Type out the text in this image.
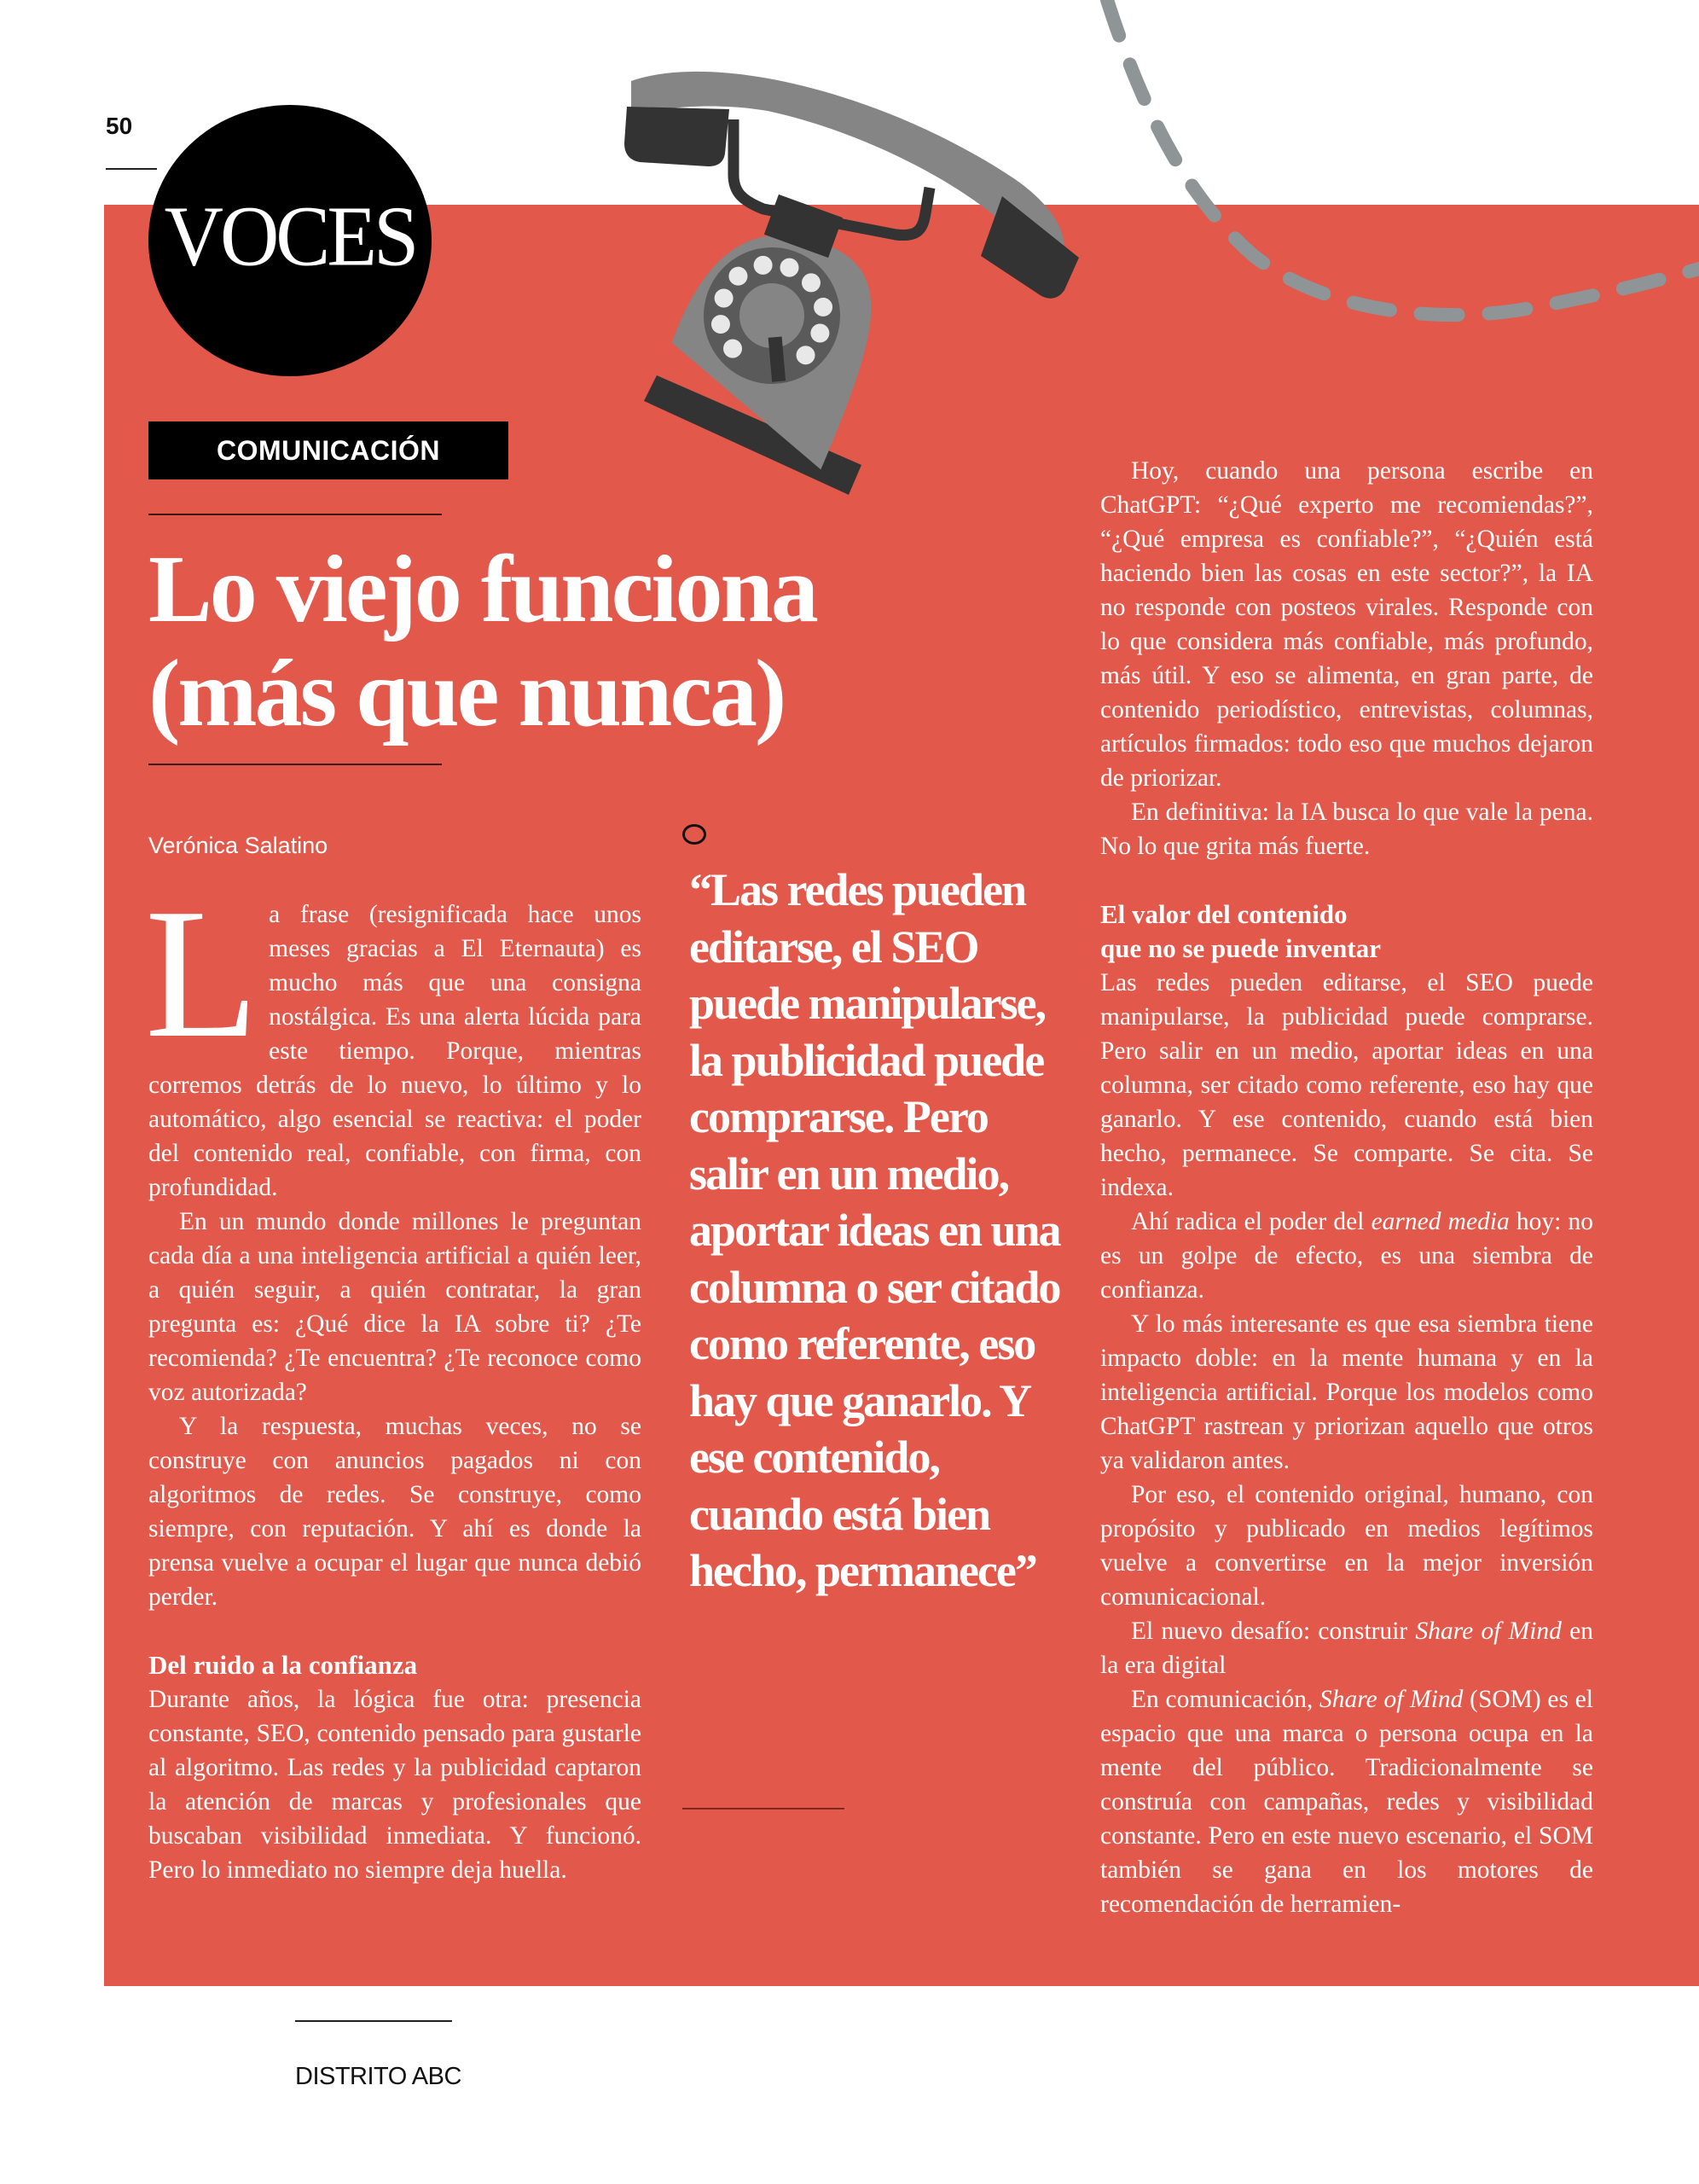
50
VOCES
COMUNICACIÓN
Lo viejo funciona
(más que nunca)
Verónica Salatino

La frase (resignificada hace unos meses gracias a El Eternauta) es mucho más que una consigna nostálgica. Es una alerta lúcida para este tiempo. Porque, mientras corremos detrás de lo nuevo, lo último y lo automático, algo esencial se reactiva: el poder del contenido real, confiable, con firma, con profundidad.

En un mundo donde millones le preguntan cada día a una inteligencia artificial a quién leer, a quién seguir, a quién contratar, la gran pregunta es: ¿Qué dice la IA sobre ti? ¿Te recomienda? ¿Te encuentra? ¿Te reconoce como voz autorizada?

Y la respuesta, muchas veces, no se construye con anuncios pagados ni con algoritmos de redes. Se construye, como siempre, con reputación. Y ahí es donde la prensa vuelve a ocupar el lugar que nunca debió perder.

Del ruido a la confianza

Durante años, la lógica fue otra: presencia constante, SEO, contenido pensado para gustarle al algoritmo. Las redes y la publicidad captaron la atención de marcas y profesionales que buscaban visibilidad inmediata. Y funcionó. Pero lo inmediato no siempre deja huella.

“Las redes pueden editarse, el SEO puede manipularse, la publicidad puede comprarse. Pero salir en un medio, aportar ideas en una columna o ser citado como referente, eso hay que ganarlo. Y ese contenido, cuando está bien hecho, permanece”

Hoy, cuando una persona escribe en ChatGPT: “¿Qué experto me recomiendas?”, “¿Qué empresa es confiable?”, “¿Quién está haciendo bien las cosas en este sector?”, la IA no responde con posteos virales. Responde con lo que considera más confiable, más profundo, más útil. Y eso se alimenta, en gran parte, de contenido periodístico, entrevistas, columnas, artículos firmados: todo eso que muchos dejaron de priorizar.

En definitiva: la IA busca lo que vale la pena. No lo que grita más fuerte.

El valor del contenido
que no se puede inventar

Las redes pueden editarse, el SEO puede manipularse, la publicidad puede comprarse. Pero salir en un medio, aportar ideas en una columna, ser citado como referente, eso hay que ganarlo. Y ese contenido, cuando está bien hecho, permanece. Se comparte. Se cita. Se indexa.

Ahí radica el poder del earned media hoy: no es un golpe de efecto, es una siembra de confianza.

Y lo más interesante es que esa siembra tiene impacto doble: en la mente humana y en la inteligencia artificial. Porque los modelos como ChatGPT rastrean y priorizan aquello que otros ya validaron antes.

Por eso, el contenido original, humano, con propósito y publicado en medios legítimos vuelve a convertirse en la mejor inversión comunicacional.

El nuevo desafío: construir Share of Mind en la era digital

En comunicación, Share of Mind (SOM) es el espacio que una marca o persona ocupa en la mente del público. Tradicionalmente se construía con campañas, redes y visibilidad constante. Pero en este nuevo escenario, el SOM también se gana en los motores de recomendación de herramien-

DISTRITO ABC
